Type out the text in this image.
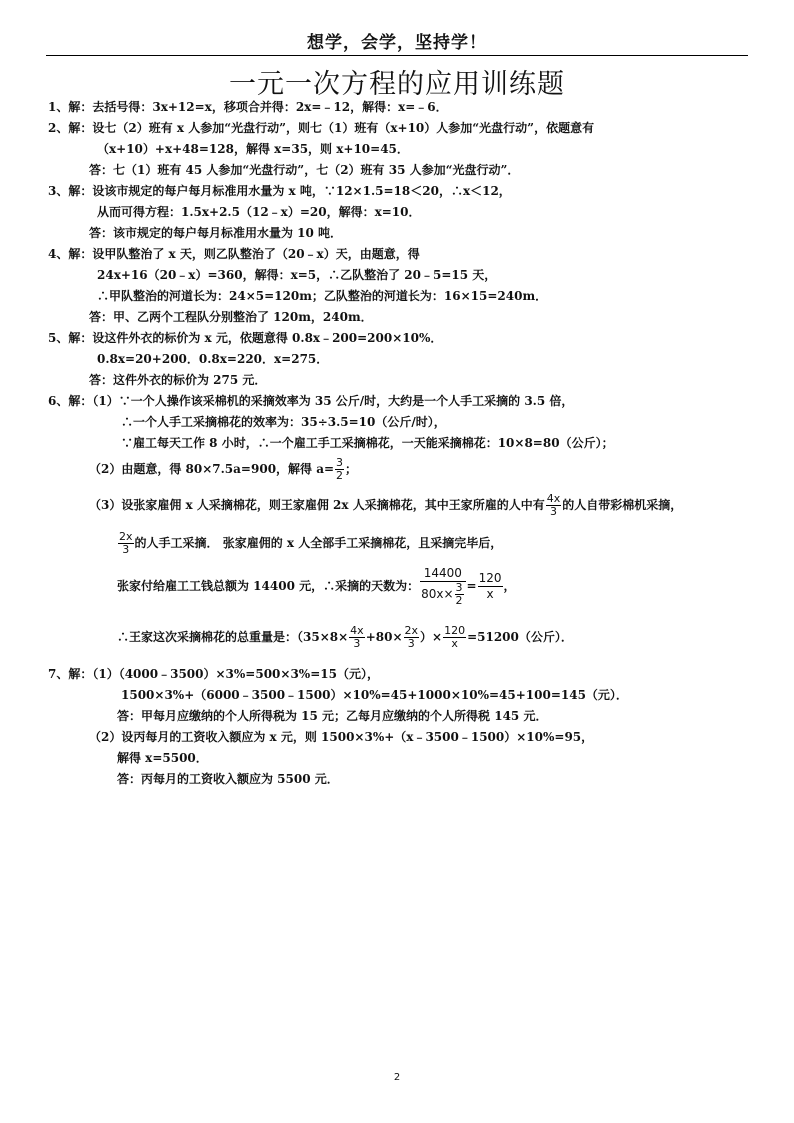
想学，会学，坚持学！
一元一次方程的应用训练题
1、解：去括号得：3x+12=x，移项合并得：2x=﹣12，解得：x=﹣6．
2、解：设七（2）班有 x 人参加“光盘行动”，则七（1）班有（x+10）人参加“光盘行动”，依题意有
（x+10）+x+48=128，解得 x=35，则 x+10=45．
答：七（1）班有 45 人参加“光盘行动”，七（2）班有 35 人参加“光盘行动”．
3、解：设该市规定的每户每月标准用水量为 x 吨，∵12×1.5=18＜20，∴x＜12，
从而可得方程：1.5x+2.5（12﹣x）=20，解得：x=10．
答：该市规定的每户每月标准用水量为 10 吨．
4、解：设甲队整治了 x 天，则乙队整治了（20﹣x）天，由题意，得
24x+16（20﹣x）=360，解得：x=5，∴乙队整治了 20﹣5=15 天，
∴甲队整治的河道长为：24×5=120m；乙队整治的河道长为：16×15=240m．
答：甲、乙两个工程队分别整治了 120m，240m．
5、解：设这件外衣的标价为 x 元，依题意得 0.8x﹣200=200×10%．
0.8x=20+200．0.8x=220．x=275．
答：这件外衣的标价为 275 元．
6、解：（1）∵一个人操作该采棉机的采摘效率为 35 公斤/时，大约是一个人手工采摘的 3.5 倍，
∴一个人手工采摘棉花的效率为：35÷3.5=10（公斤/时），
∵雇工每天工作 8 小时，∴一个雇工手工采摘棉花，一天能采摘棉花：10×8=80（公斤）；
（2）由题意，得 80×7.5a=900，解得 $a= \frac{3}{2}$ ；
（3）设张家雇佣 x 人采摘棉花，则王家雇佣 2x 人采摘棉花，其中王家所雇的人中有 $\frac{4x}{3}$ 的人自带彩棉机采摘，
$\frac{2x}{3}$ 的人手工采摘． 张家雇佣的 x 人全部手工采摘棉花，且采摘完毕后，
张家付给雇工工钱总额为 14400 元，∴采摘的天数为： $\frac{14400}{80x\times \frac{3}{2}} = \frac{120}{x}$ ，
∴王家这次采摘棉花的总重量是：（$35\times 8\times \frac{4x}{3} +80\times \frac{2x}{3}$ ）× $\frac{120}{x} =51200$（公斤）．
7、解：（1）（4000﹣3500）×3%=500×3%=15（元），
1500×3%+（6000﹣3500﹣1500）×10%=45+1000×10%=45+100=145（元）．
答：甲每月应缴纳的个人所得税为 15 元；乙每月应缴纳的个人所得税 145 元．
（2）设丙每月的工资收入额应为 x 元，则 1500×3%+（x﹣3500﹣1500）×10%=95，
解得 x=5500．
答：丙每月的工资收入额应为 5500 元．
2
